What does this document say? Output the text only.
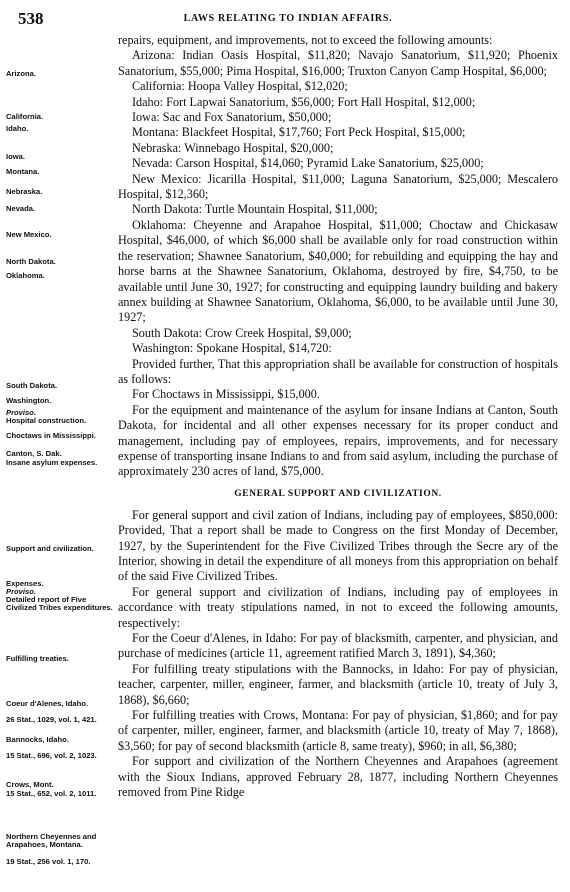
538	LAWS RELATING TO INDIAN AFFAIRS.

repairs, equipment, and improvements, not to exceed the following amounts:

Arizona: Indian Oasis Hospital, $11,820; Navajo Sanatorium, $11,920; Phoenix Sanatorium, $55,000; Pima Hospital, $16,000; Truxton Canyon Camp Hospital, $6,000;

California: Hoopa Valley Hospital, $12,020;

Idaho: Fort Lapwai Sanatorium, $56,000; Fort Hall Hospital, $12,000;

Iowa: Sac and Fox Sanatorium, $50,000;

Montana: Blackfeet Hospital, $17,760; Fort Peck Hospital, $15,000;

Nebraska: Winnebago Hospital, $20,000;

Nevada: Carson Hospital, $14,060; Pyramid Lake Sanatorium, $25,000;

New Mexico: Jicarilla Hospital, $11,000; Laguna Sanatorium, $25,000; Mescalero Hospital, $12,360;

North Dakota: Turtle Mountain Hospital, $11,000;

Oklahoma: Cheyenne and Arapahoe Hospital, $11,000; Choctaw and Chickasaw Hospital, $46,000, of which $6,000 shall be available only for road construction within the reservation; Shawnee Sanatorium, $40,000; for rebuilding and equipping the hay and horse barns at the Shawnee Sanatorium, Oklahoma, destroyed by fire, $4,750, to be available until June 30, 1927; for constructing and equipping laundry building and bakery annex building at Shawnee Sanatorium, Oklahoma, $6,000, to be available until June 30, 1927;

South Dakota: Crow Creek Hospital, $9,000;

Washington: Spokane Hospital, $14,720:

Provided further, That this appropriation shall be available for construction of hospitals as follows:

For Choctaws in Mississippi, $15,000.

For the equipment and maintenance of the asylum for insane Indians at Canton, South Dakota, for incidental and all other expenses necessary for its proper conduct and management, including pay of employees, repairs, improvements, and for necessary expense of transporting insane Indians to and from said asylum, including the purchase of approximately 230 acres of land, $75,000.

GENERAL SUPPORT AND CIVILIZATION.

For general support and civil zation of Indians, including pay of employees, $850,000: Provided, That a report shall be made to Congress on the first Monday of December, 1927, by the Superintendent for the Five Civilized Tribes through the Secre ary of the Interior, showing in detail the expenditure of all moneys from this appropriation on behalf of the said Five Civilized Tribes.

For general support and civilization of Indians, including pay of employees in accordance with treaty stipulations named, in not to exceed the following amounts, respectively:

For the Coeur d'Alenes, in Idaho: For pay of blacksmith, carpenter, and physician, and purchase of medicines (article 11, agreement ratified March 3, 1891), $4,360;

For fulfilling treaty stipulations with the Bannocks, in Idaho: For pay of physician, teacher, carpenter, miller, engineer, farmer, and blacksmith (article 10, treaty of July 3, 1868), $6,660;

For fulfilling treaties with Crows, Montana: For pay of physician, $1,860; and for pay of carpenter, miller, engineer, farmer, and blacksmith (article 10, treaty of May 7, 1868), $3,560; for pay of second blacksmith (article 8, same treaty), $960; in all, $6,380;

For support and civilization of the Northern Cheyennes and Arapahoes (agreement with the Sioux Indians, approved February 28, 1877, including Northern Cheyennes removed from Pine Ridge

Arizona.
California.
Idaho.
Iowa.
Montana.
Nebraska.
Nevada.
New Mexico.
North Dakota.
Oklahoma.
South Dakota.
Washington.
Proviso.
Hospital construction.
Choctaws in Mississippi.
Canton, S. Dak.
Insane asylum expenses.
Support and civilization.
Expenses.
Proviso.
Detailed report of Five Civilized Tribes expenditures.
Fulfilling treaties.
Coeur d'Alenes, Idaho.
26 Stat., 1029, vol. 1, 421.
Bannocks, Idaho.
15 Stat., 696, vol. 2, 1023.
Crows, Mont.
15 Stat., 652, vol. 2, 1011.
Northern Cheyennes and Arapahoes, Montana.
19 Stat., 256 vol. 1, 170.
